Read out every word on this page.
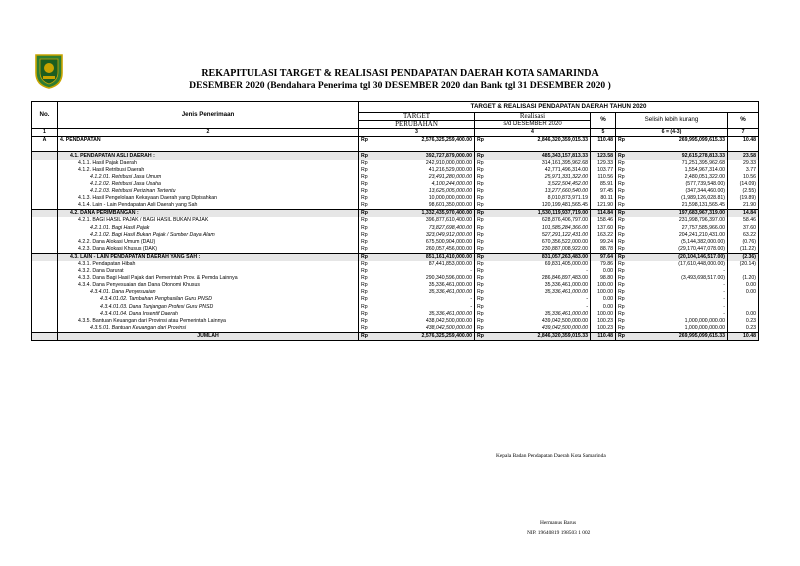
REKAPITULASI TARGET & REALISASI PENDAPATAN DAERAH KOTA SAMARINDA
DESEMBER 2020 (Bendahara Penerima tgl 30 DESEMBER 2020 dan Bank tgl 31 DESEMBER 2020 )
No.	Jenis Penerimaan	TARGET & REALISASI PENDAPATAN DAERAH TAHUN 2020							
		TARGET		Realisasi		%	Selisih lebih kurang		%
		PERUBAHAN		s/d DESEMBER 2020					
1	2	3		4		5	6 = (4-3)		7
A	4. PENDAPATAN	Rp	2,576,325,259,400.00	Rp	2,846,320,359,015.33	110.48	Rp	269,995,099,615.33	10.48

	4.1. PENDAPATAN ASLI DAERAH :	Rp	392,727,879,000.00	Rp	485,343,157,813.33	123.58	Rp	92,615,278,813.33	23.58
	4.1.1. Hasil Pajak Daerah	Rp	242,910,000,000.00	Rp	314,161,395,962.68	129.33	Rp	71,251,395,962.68	29.33
	4.1.2. Hasil Retribusi Daerah	Rp	41,216,529,000.00	Rp	42,771,496,314.00	103.77	Rp	1,554,967,314.00	3.77
	4.1.2.01. Retribusi Jasa Umum	Rp	23,491,280,000.00	Rp	25,971,331,322.00	110.56	Rp	2,480,051,322.00	10.56
	4.1.2.02. Retribusi Jasa Usaha	Rp	4,100,244,000.00	Rp	3,522,504,452.00	85.91	Rp	(577,739,548.00)	(14.09)
	4.1.2.03. Retribusi Perizinan Tertentu	Rp	13,625,005,000.00	Rp	13,277,660,540.00	97.45	Rp	(347,344,460.00)	(2.55)
	4.1.3. Hasil Pengelolaan Kekayaan Daerah yang Dipisahkan	Rp	10,000,000,000.00	Rp	8,010,873,971.19	80.11	Rp	(1,989,126,028.81)	(19.89)
	4.1.4. Lain - Lain Pendapatan Asli Daerah yang Sah	Rp	98,601,350,000.00	Rp	120,199,481,565.45	121.90	Rp	21,598,131,565.45	21.90
	4.2. DANA PERIMBANGAN :	Rp	1,332,435,970,400.00	Rp	1,530,119,937,719.00	114.84	Rp	197,683,967,319.00	14.84
	4.2.1. BAGI HASIL PAJAK / BAGI HASIL BUKAN PAJAK	Rp	396,877,610,400.00	Rp	628,876,406,797.00	158.46	Rp	231,998,796,397.00	58.46
	4.2.1.01. Bagi Hasil Pajak	Rp	73,827,698,400.00	Rp	101,585,284,366.00	137.60	Rp	27,757,585,966.00	37.60
	4.2.1.02. Bagi Hasil Bukan Pajak / Sumber Daya Alam	Rp	323,049,912,000.00	Rp	527,291,122,431.00	163.22	Rp	204,241,210,431.00	63.22
	4.2.2. Dana Alokasi Umum (DAU)	Rp	675,500,904,000.00	Rp	670,356,522,000.00	99.24	Rp	(5,144,382,000.00)	(0.76)
	4.2.3. Dana Alokasi Khusus (DAK)	Rp	260,057,456,000.00	Rp	230,887,008,922.00	88.78	Rp	(29,170,447,078.00)	(11.22)
	4.3. LAIN - LAIN PENDAPATAN DAERAH YANG SAH :	Rp	851,161,410,000.00	Rp	831,057,263,483.00	97.64	Rp	(20,104,146,517.00)	(2.36)
	4.3.1. Pendapatan Hibah	Rp	87,441,853,000.00	Rp	69,831,405,000.00	79.86	Rp	(17,610,448,000.00)	(20.14)
	4.3.2. Dana Darurat	Rp	-	Rp	-	0.00	Rp	-	
	4.3.3. Dana Bagi Hasil Pajak dari Pemerintah Prov. & Pemda Lainnya	Rp	290,340,596,000.00	Rp	286,846,897,483.00	98.80	Rp	(3,493,698,517.00)	(1.20)
	4.3.4. Dana Penyesuaian dan Dana Otonomi Khusus	Rp	35,336,461,000.00	Rp	35,336,461,000.00	100.00	Rp	-	0.00
	4.3.4.01. Dana Penyesuaian	Rp	35,336,461,000.00	Rp	35,336,461,000.00	100.00	Rp	-	0.00
	4.3.4.01.02. Tambahan Penghasilan Guru PNSD	Rp	-	Rp	-	0.00	Rp	-	
	4.3.4.01.03. Dana Tunjangan Profesi Guru PNSD	Rp	-	Rp	-	0.00	Rp	-	
	4.3.4.01.04. Dana Insentif Daerah	Rp	35,336,461,000.00	Rp	35,336,461,000.00	100.00	Rp	-	0.00
	4.3.5. Bantuan Keuangan dari Provinsi atau Pemerintah Lainnya	Rp	438,042,500,000.00	Rp	439,042,500,000.00	100.23	Rp	1,000,000,000.00	0.23
	4.3.5.01. Bantuan Keuangan dari Provinsi	Rp	438,042,500,000.00	Rp	439,042,500,000.00	100.23	Rp	1,000,000,000.00	0.23
	JUMLAH	Rp	2,576,325,259,400.00	Rp	2,846,320,359,015.33	110.48	Rp	269,995,099,615.33	10.48
Kepala Badan Pendapatan Daerah Kota Samarinda
Hermanus Barus
NIP. 19640819 198503 1 002
